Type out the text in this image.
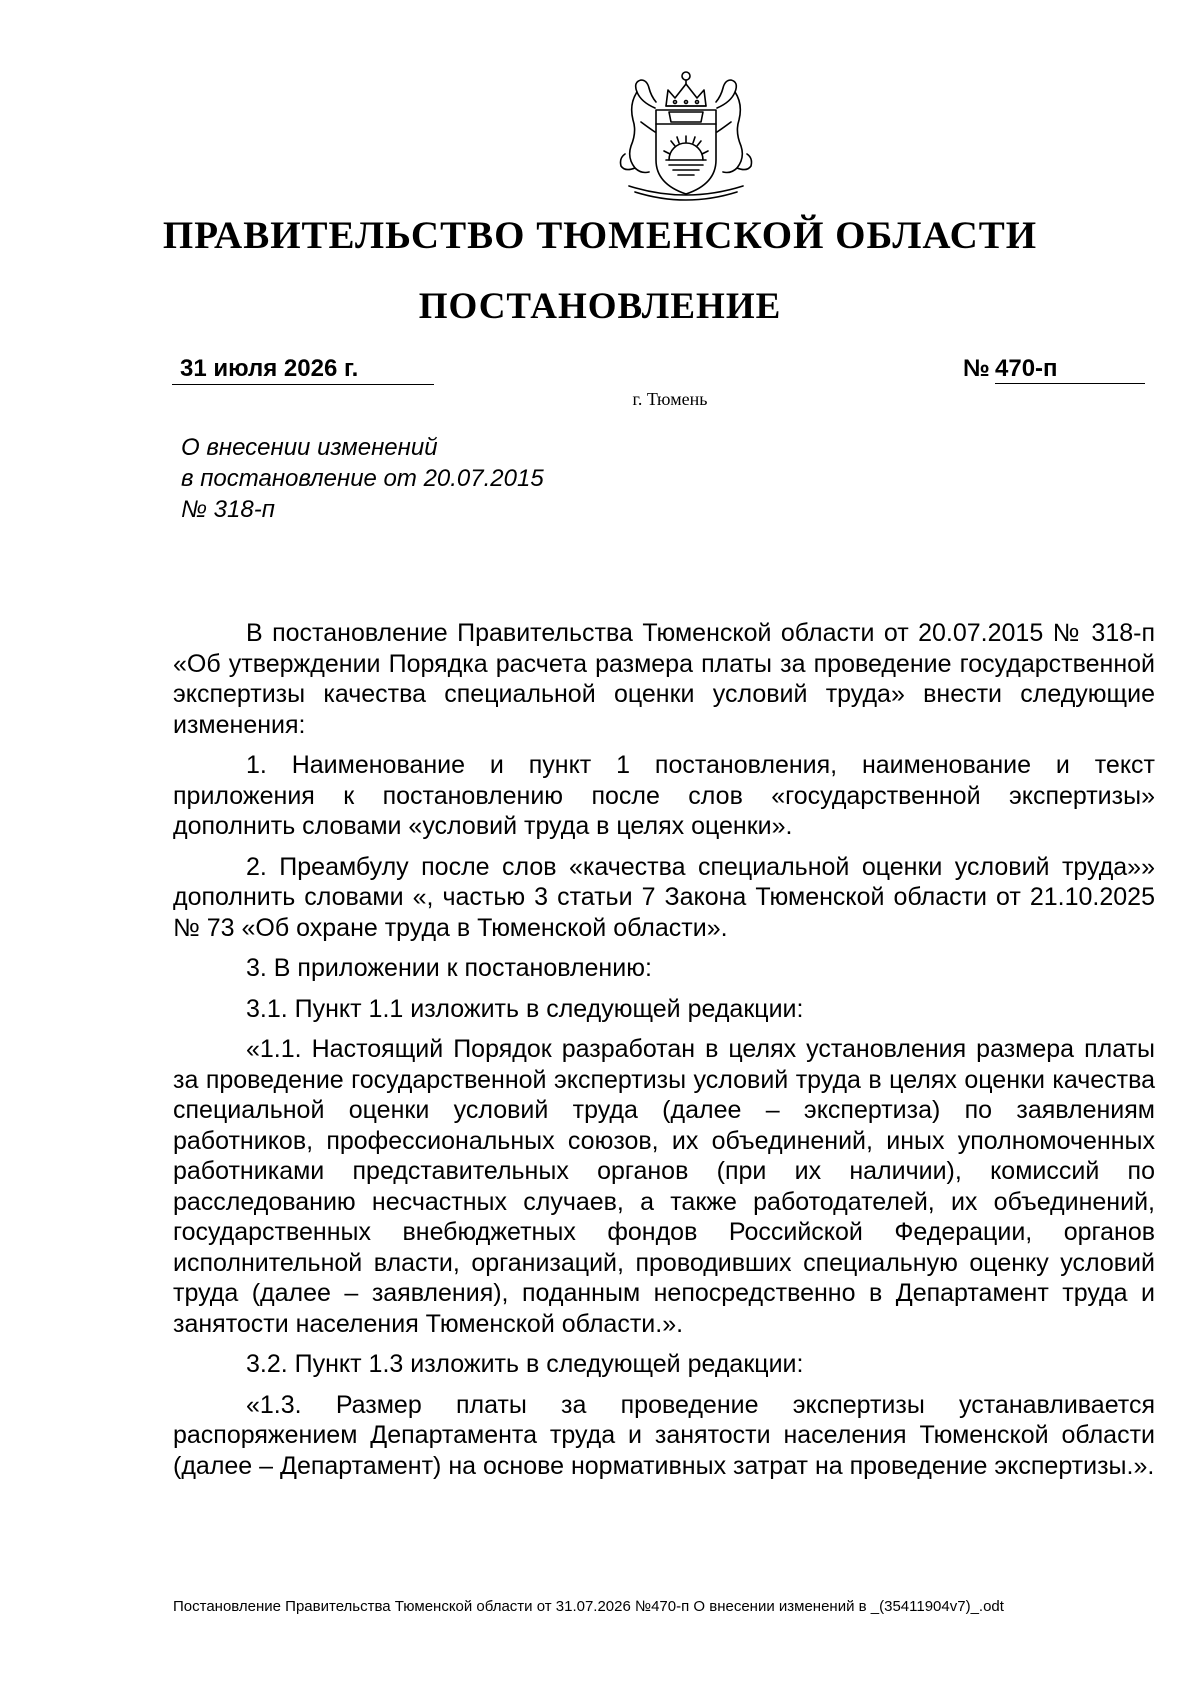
ПРАВИТЕЛЬСТВО ТЮМЕНСКОЙ ОБЛАСТИ
ПОСТАНОВЛЕНИЕ
31 июля 2026 г.	№ 470-п
г. Тюмень
О внесении изменений
в постановление от 20.07.2015
№ 318-п

В постановление Правительства Тюменской области от 20.07.2015 № 318-п «Об утверждении Порядка расчета размера платы за проведение государственной экспертизы качества специальной оценки условий труда» внести следующие изменения:

1. Наименование и пункт 1 постановления, наименование и текст приложения к постановлению после слов «государственной экспертизы» дополнить словами «условий труда в целях оценки».

2. Преамбулу после слов «качества специальной оценки условий труда»» дополнить словами «, частью 3 статьи 7 Закона Тюменской области от 21.10.2025 № 73 «Об охране труда в Тюменской области».

3. В приложении к постановлению:

3.1. Пункт 1.1 изложить в следующей редакции:

«1.1. Настоящий Порядок разработан в целях установления размера платы за проведение государственной экспертизы условий труда в целях оценки качества специальной оценки условий труда (далее – экспертиза) по заявлениям работников, профессиональных союзов, их объединений, иных уполномоченных работниками представительных органов (при их наличии), комиссий по расследованию несчастных случаев, а также работодателей, их объединений, государственных внебюджетных фондов Российской Федерации, органов исполнительной власти, организаций, проводивших специальную оценку условий труда (далее – заявления), поданным непосредственно в Департамент труда и занятости населения Тюменской области.».

3.2. Пункт 1.3 изложить в следующей редакции:

«1.3. Размер платы за проведение экспертизы устанавливается распоряжением Департамента труда и занятости населения Тюменской области (далее – Департамент) на основе нормативных затрат на проведение экспертизы.».

Постановление Правительства Тюменской области от 31.07.2026 №470-п О внесении изменений в _(35411904v7)_.odt
